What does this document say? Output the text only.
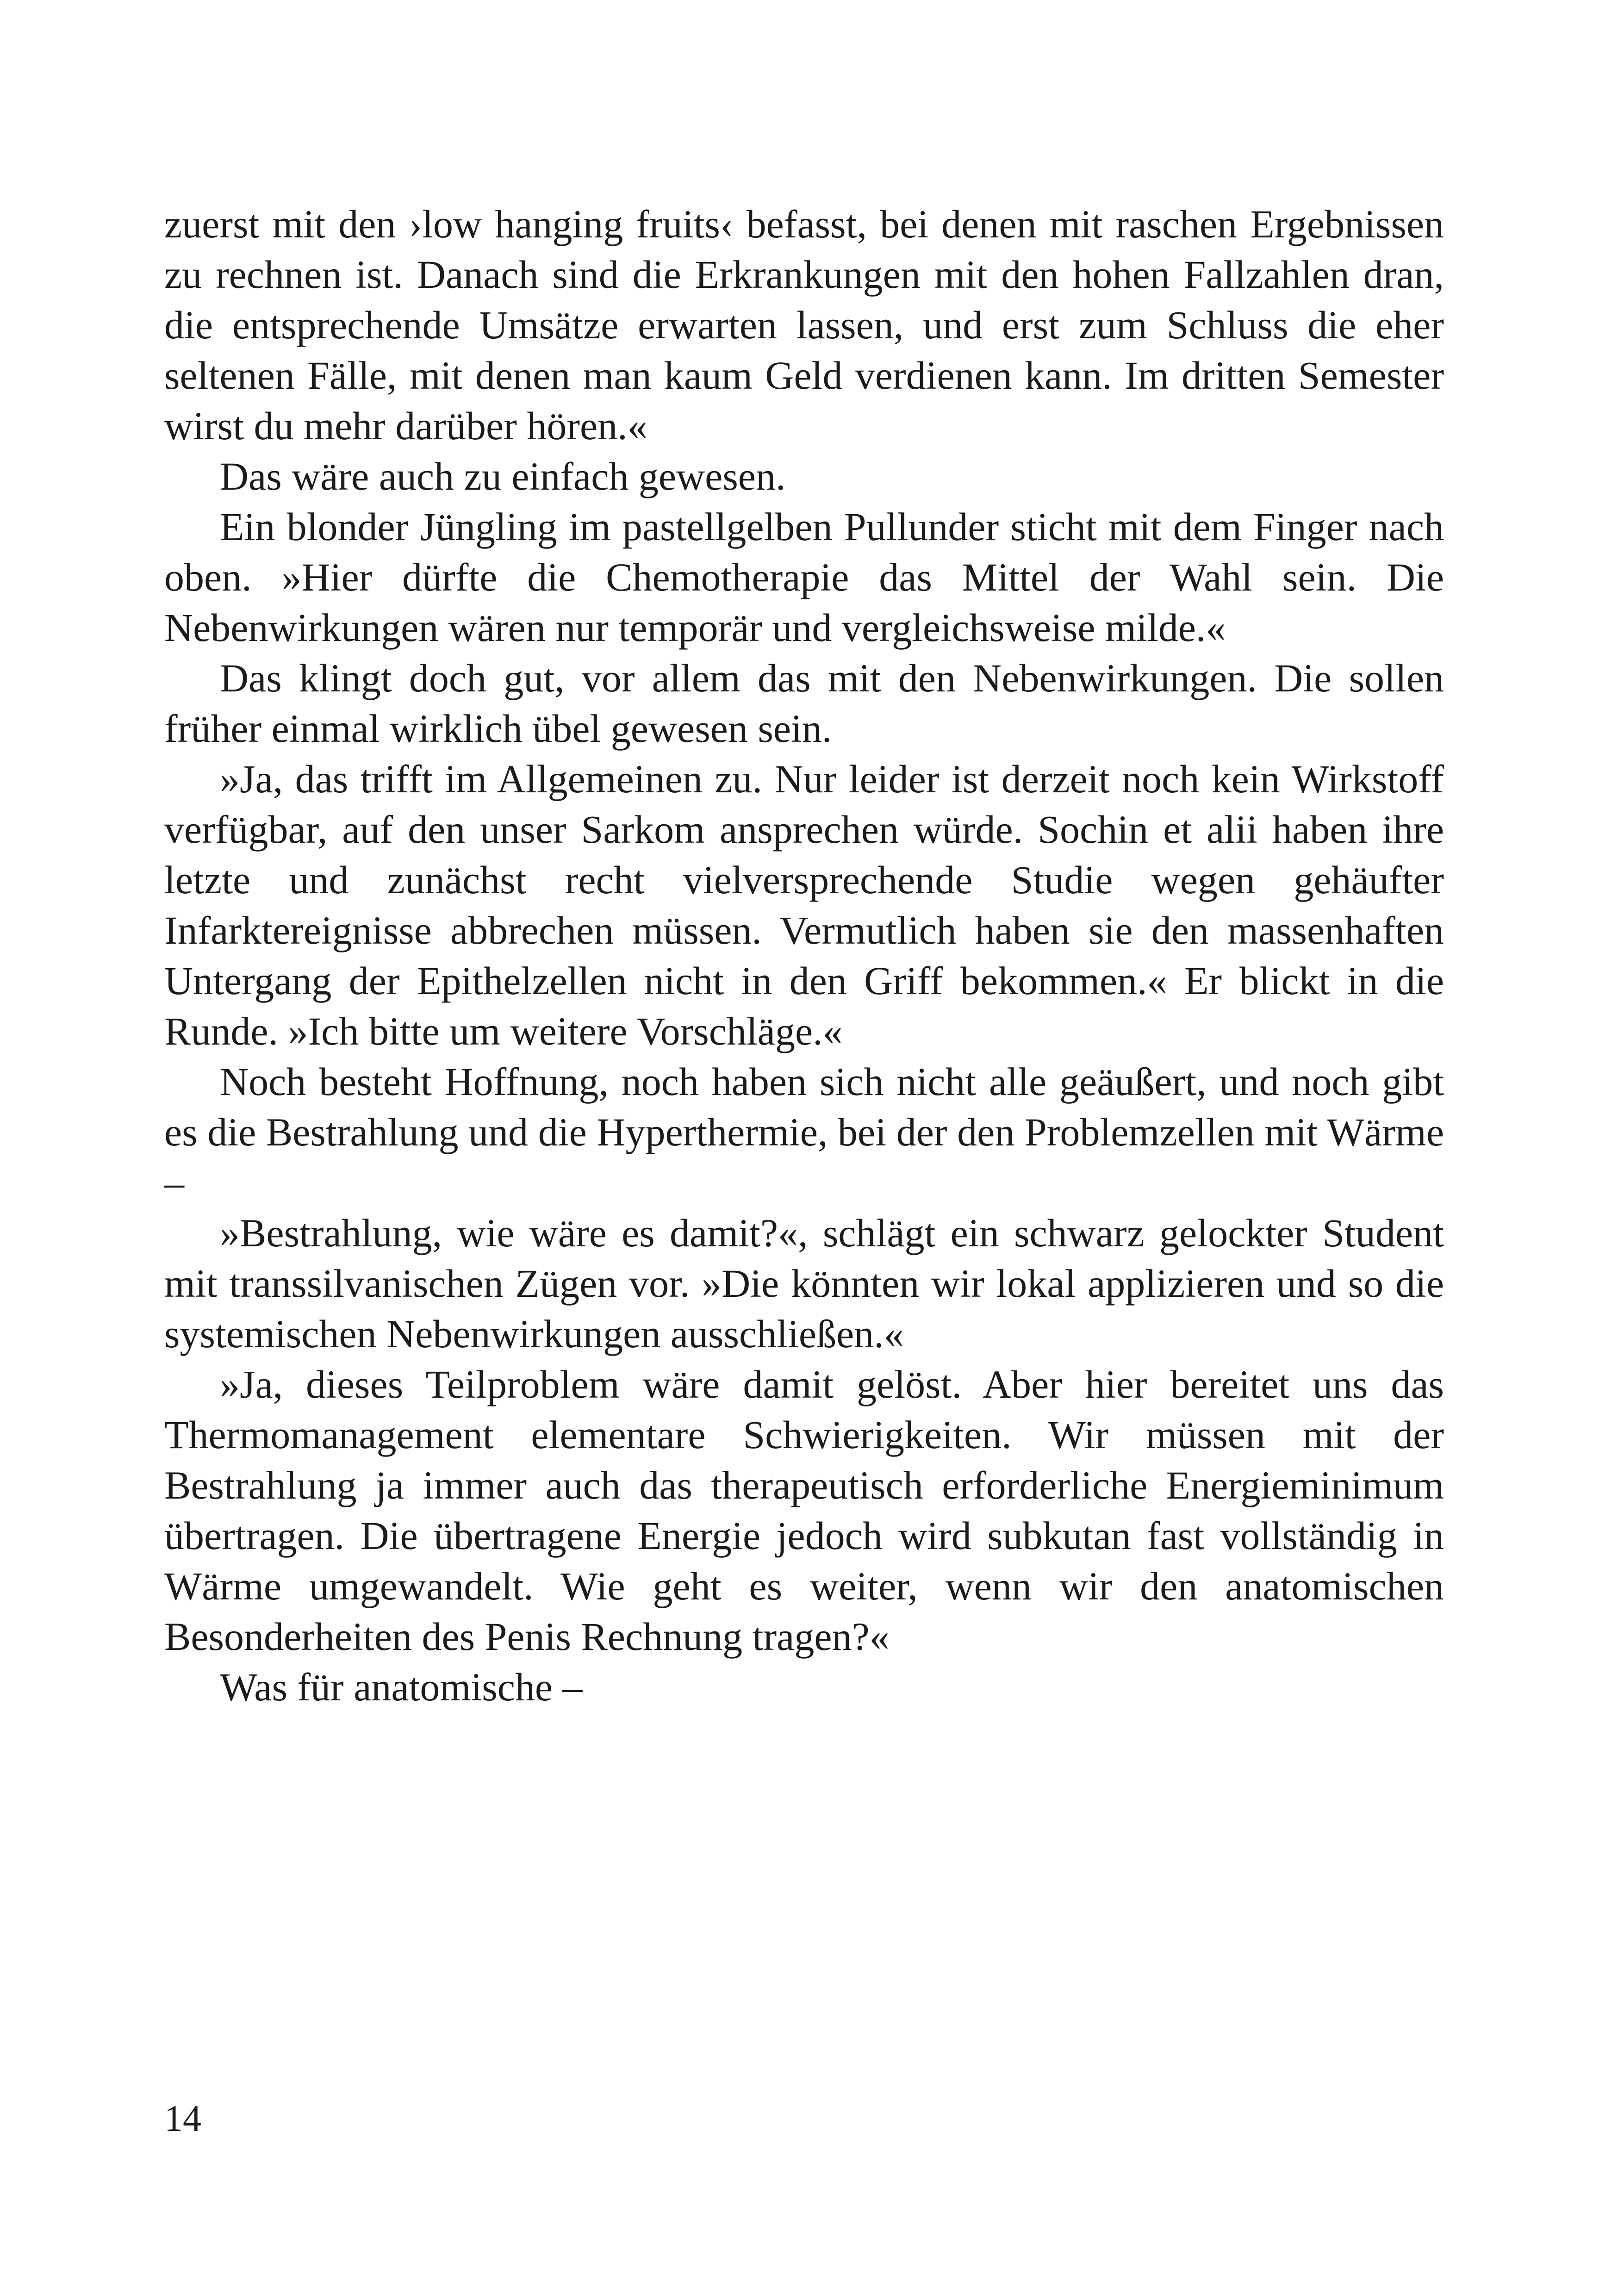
zuerst mit den ›low hanging fruits‹ befasst, bei denen mit raschen Ergebnissen zu rechnen ist. Danach sind die Erkrankungen mit den hohen Fallzahlen dran, die entsprechende Umsätze erwarten lassen, und erst zum Schluss die eher seltenen Fälle, mit denen man kaum Geld verdienen kann. Im dritten Semester wirst du mehr darüber hören.«

Das wäre auch zu einfach gewesen.

Ein blonder Jüngling im pastellgelben Pullunder sticht mit dem Finger nach oben. »Hier dürfte die Chemotherapie das Mittel der Wahl sein. Die Nebenwirkungen wären nur temporär und vergleichsweise milde.«

Das klingt doch gut, vor allem das mit den Nebenwirkungen. Die sollen früher einmal wirklich übel gewesen sein.

»Ja, das trifft im Allgemeinen zu. Nur leider ist derzeit noch kein Wirkstoff verfügbar, auf den unser Sarkom ansprechen würde. Sochin et alii haben ihre letzte und zunächst recht vielversprechende Studie wegen gehäufter Infarktereignisse abbrechen müssen. Vermutlich haben sie den massenhaften Untergang der Epithelzellen nicht in den Griff bekommen.« Er blickt in die Runde. »Ich bitte um weitere Vorschläge.«

Noch besteht Hoffnung, noch haben sich nicht alle geäußert, und noch gibt es die Bestrahlung und die Hyperthermie, bei der den Problemzellen mit Wärme –

»Bestrahlung, wie wäre es damit?«, schlägt ein schwarz gelockter Student mit transsilvanischen Zügen vor. »Die könnten wir lokal applizieren und so die systemischen Nebenwirkungen ausschließen.«

»Ja, dieses Teilproblem wäre damit gelöst. Aber hier bereitet uns das Thermomanagement elementare Schwierigkeiten. Wir müssen mit der Bestrahlung ja immer auch das therapeutisch erforderliche Energieminimum übertragen. Die übertragene Energie jedoch wird subkutan fast vollständig in Wärme umgewandelt. Wie geht es weiter, wenn wir den anatomischen Besonderheiten des Penis Rechnung tragen?«

Was für anatomische –

14
